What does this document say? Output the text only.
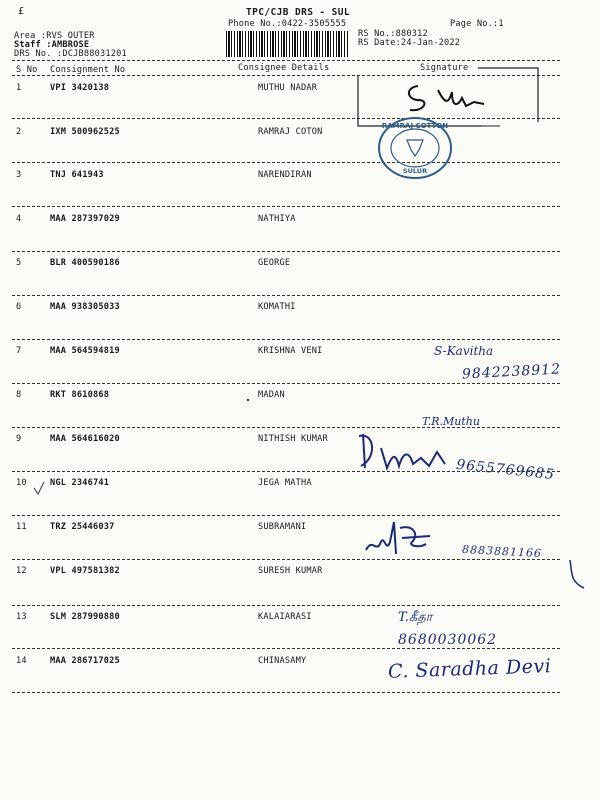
£	TPC/CJB DRS - SUL
Phone No.:0422-3505555	Page No.:1
Area :RVS OUTER
Staff :AMBROSE
DRS No. :DCJB88031201
RS No.:880312
RS Date:24-Jan-2022
S No Consignment No	Consignee Details	Signature
1	VPI 3420138	MUTHU NADAR
2	IXM 500962525	RAMRAJ COTON
3	TNJ 641943	NARENDIRAN
4	MAA 287397029	NATHIYA
5	BLR 400590186	GEORGE
6	MAA 938305033	KOMATHI
7	MAA 564594819	KRISHNA VENI
8	RKT 8610868	MADAN
9	MAA 564616020	NITHISH KUMAR
10	NGL 2346741	JEGA MATHA
11	TRZ 25446037	SUBRAMANI
12	VPL 497581382	SURESH KUMAR
13	SLM 287990880	KALAIARASI
14	MAA 286717025	CHINASAMY
RAMRAJ COTTON
SULUR
S-Kavitha
9842238912
T.R.Muthu
9655769685
8883881166
T.கீதா
8680030062
C. Saradha Devi
